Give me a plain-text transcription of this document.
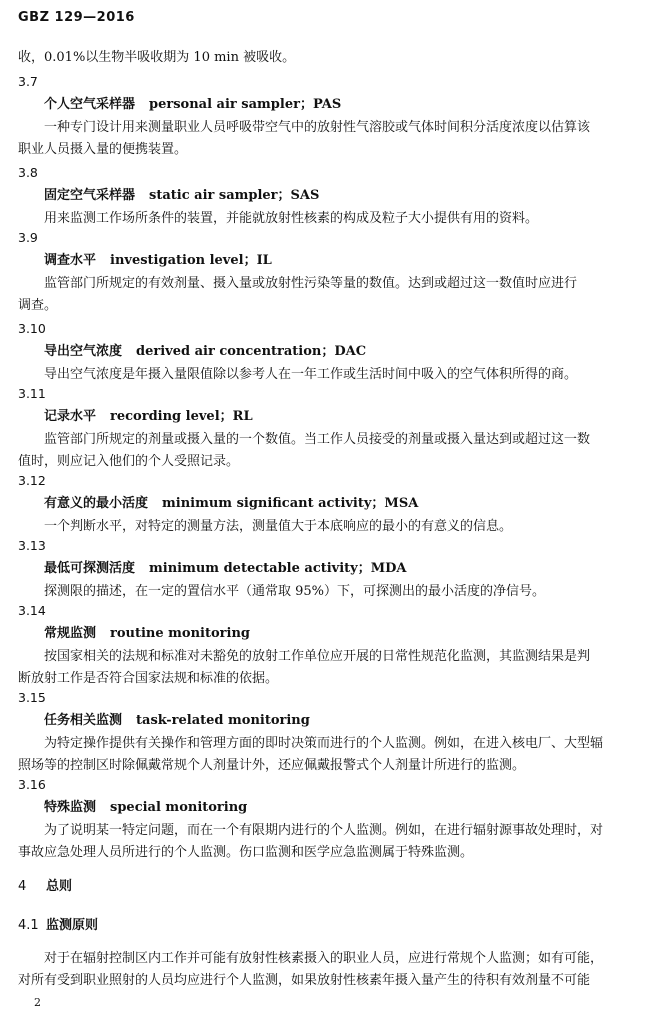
GBZ 129—2016
收，0.01%以生物半吸收期为 10 min 被吸收。
3.7
个人空气采样器 personal air sampler；PAS
一种专门设计用来测量职业人员呼吸带空气中的放射性气溶胶或气体时间积分活度浓度以估算该
职业人员摄入量的便携装置。
3.8
固定空气采样器 static air sampler；SAS
用来监测工作场所条件的装置，并能就放射性核素的构成及粒子大小提供有用的资料。
3.9
调查水平 investigation level；IL
监管部门所规定的有效剂量、摄入量或放射性污染等量的数值。达到或超过这一数值时应进行
调查。
3.10
导出空气浓度 derived air concentration；DAC
导出空气浓度是年摄入量限值除以参考人在一年工作或生活时间中吸入的空气体积所得的商。
3.11
记录水平 recording level；RL
监管部门所规定的剂量或摄入量的一个数值。当工作人员接受的剂量或摄入量达到或超过这一数
值时，则应记入他们的个人受照记录。
3.12
有意义的最小活度 minimum significant activity；MSA
一个判断水平，对特定的测量方法，测量值大于本底响应的最小的有意义的信息。
3.13
最低可探测活度 minimum detectable activity；MDA
探测限的描述，在一定的置信水平（通常取 95%）下，可探测出的最小活度的净信号。
3.14
常规监测 routine monitoring
按国家相关的法规和标准对未豁免的放射工作单位应开展的日常性规范化监测，其监测结果是判
断放射工作是否符合国家法规和标准的依据。
3.15
任务相关监测 task-related monitoring
为特定操作提供有关操作和管理方面的即时决策而进行的个人监测。例如，在进入核电厂、大型辐
照场等的控制区时除佩戴常规个人剂量计外，还应佩戴报警式个人剂量计所进行的监测。
3.16
特殊监测 special monitoring
为了说明某一特定问题，而在一个有限期内进行的个人监测。例如，在进行辐射源事故处理时，对
事故应急处理人员所进行的个人监测。伤口监测和医学应急监测属于特殊监测。
4 总则
4.1 监测原则
对于在辐射控制区内工作并可能有放射性核素摄入的职业人员，应进行常规个人监测；如有可能，
对所有受到职业照射的人员均应进行个人监测，如果放射性核素年摄入量产生的待积有效剂量不可能
2
